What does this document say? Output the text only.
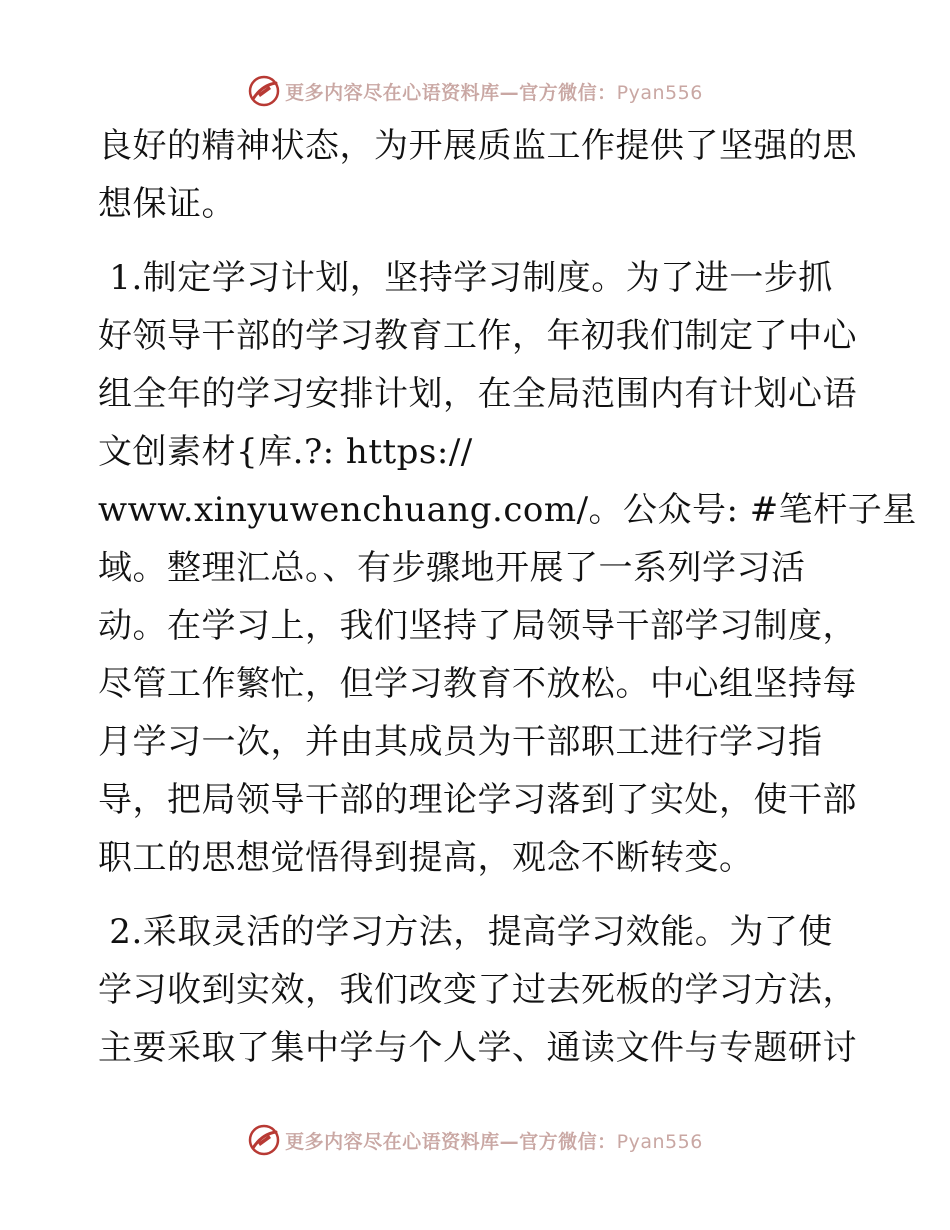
更多内容尽在心语资料库—官方微信：Pyan556

良好的精神状态，为开展质监工作提供了坚强的思
想保证。

1.制定学习计划，坚持学习制度。为了进一步抓
好领导干部的学习教育工作，年初我们制定了中心
组全年的学习安排计划，在全局范围内有计划心语
文创素材{库.?: https://
www.xinyuwenchuang.com/。公众号: #笔杆子星
域。整理汇总。、有步骤地开展了一系列学习活
动。在学习上，我们坚持了局领导干部学习制度，
尽管工作繁忙，但学习教育不放松。中心组坚持每
月学习一次，并由其成员为干部职工进行学习指
导，把局领导干部的理论学习落到了实处，使干部
职工的思想觉悟得到提高，观念不断转变。

2.采取灵活的学习方法，提高学习效能。为了使
学习收到实效，我们改变了过去死板的学习方法，
主要采取了集中学与个人学、通读文件与专题研讨

更多内容尽在心语资料库—官方微信：Pyan556
